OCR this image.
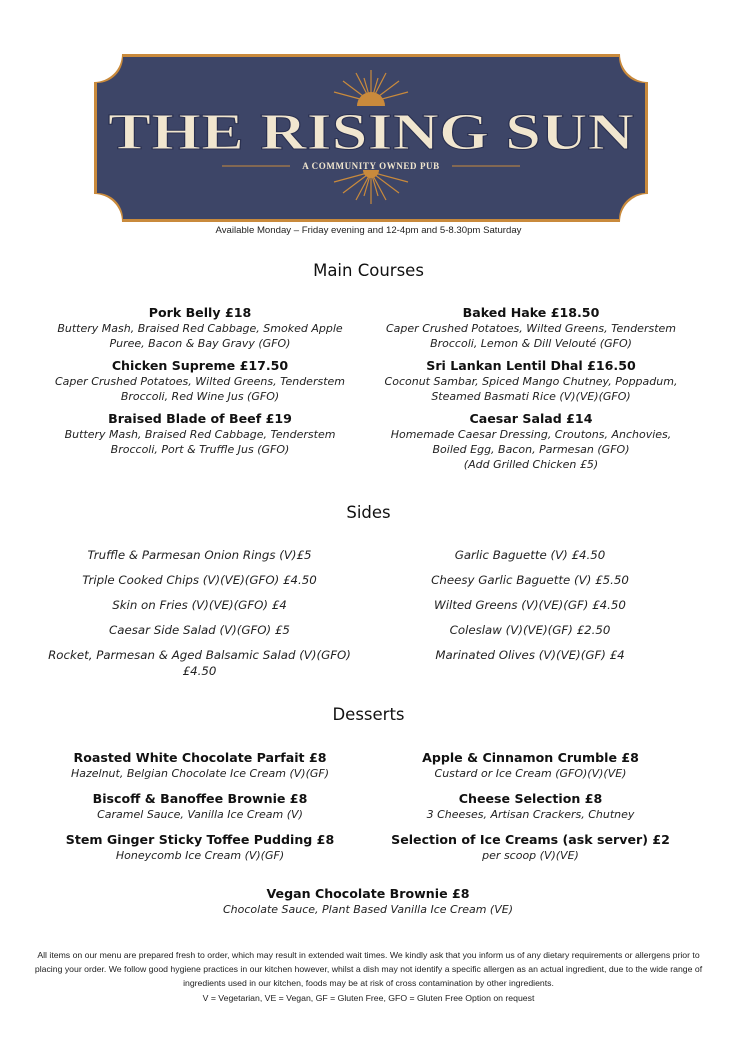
THE RISING SUN
A COMMUNITY OWNED PUB
Available Monday – Friday evening and 12-4pm and 5-8.30pm Saturday
Main Courses
Pork Belly £18
Buttery Mash, Braised Red Cabbage, Smoked Apple Puree, Bacon & Bay Gravy (GFO)
Chicken Supreme £17.50
Caper Crushed Potatoes, Wilted Greens, Tenderstem Broccoli, Red Wine Jus (GFO)
Braised Blade of Beef £19
Buttery Mash, Braised Red Cabbage, Tenderstem Broccoli, Port & Truffle Jus (GFO)
Baked Hake £18.50
Caper Crushed Potatoes, Wilted Greens, Tenderstem Broccoli, Lemon & Dill Velouté (GFO)
Sri Lankan Lentil Dhal £16.50
Coconut Sambar, Spiced Mango Chutney, Poppadum, Steamed Basmati Rice (V)(VE)(GFO)
Caesar Salad £14
Homemade Caesar Dressing, Croutons, Anchovies, Boiled Egg, Bacon, Parmesan (GFO)
(Add Grilled Chicken £5)
Sides
Truffle & Parmesan Onion Rings (V)£5
Triple Cooked Chips (V)(VE)(GFO) £4.50
Skin on Fries (V)(VE)(GFO) £4
Caesar Side Salad (V)(GFO) £5
Rocket, Parmesan & Aged Balsamic Salad (V)(GFO) £4.50
Garlic Baguette (V) £4.50
Cheesy Garlic Baguette (V) £5.50
Wilted Greens (V)(VE)(GF) £4.50
Coleslaw (V)(VE)(GF) £2.50
Marinated Olives (V)(VE)(GF) £4
Desserts
Roasted White Chocolate Parfait £8
Hazelnut, Belgian Chocolate Ice Cream (V)(GF)
Biscoff & Banoffee Brownie £8
Caramel Sauce, Vanilla Ice Cream (V)
Stem Ginger Sticky Toffee Pudding £8
Honeycomb Ice Cream (V)(GF)
Apple & Cinnamon Crumble £8
Custard or Ice Cream (GFO)(V)(VE)
Cheese Selection £8
3 Cheeses, Artisan Crackers, Chutney
Selection of Ice Creams (ask server) £2
per scoop (V)(VE)
Vegan Chocolate Brownie £8
Chocolate Sauce, Plant Based Vanilla Ice Cream (VE)
All items on our menu are prepared fresh to order, which may result in extended wait times. We kindly ask that you inform us of any dietary requirements or allergens prior to placing your order. We follow good hygiene practices in our kitchen however, whilst a dish may not identify a specific allergen as an actual ingredient, due to the wide range of ingredients used in our kitchen, foods may be at risk of cross contamination by other ingredients.
V = Vegetarian, VE = Vegan, GF = Gluten Free, GFO = Gluten Free Option on request
